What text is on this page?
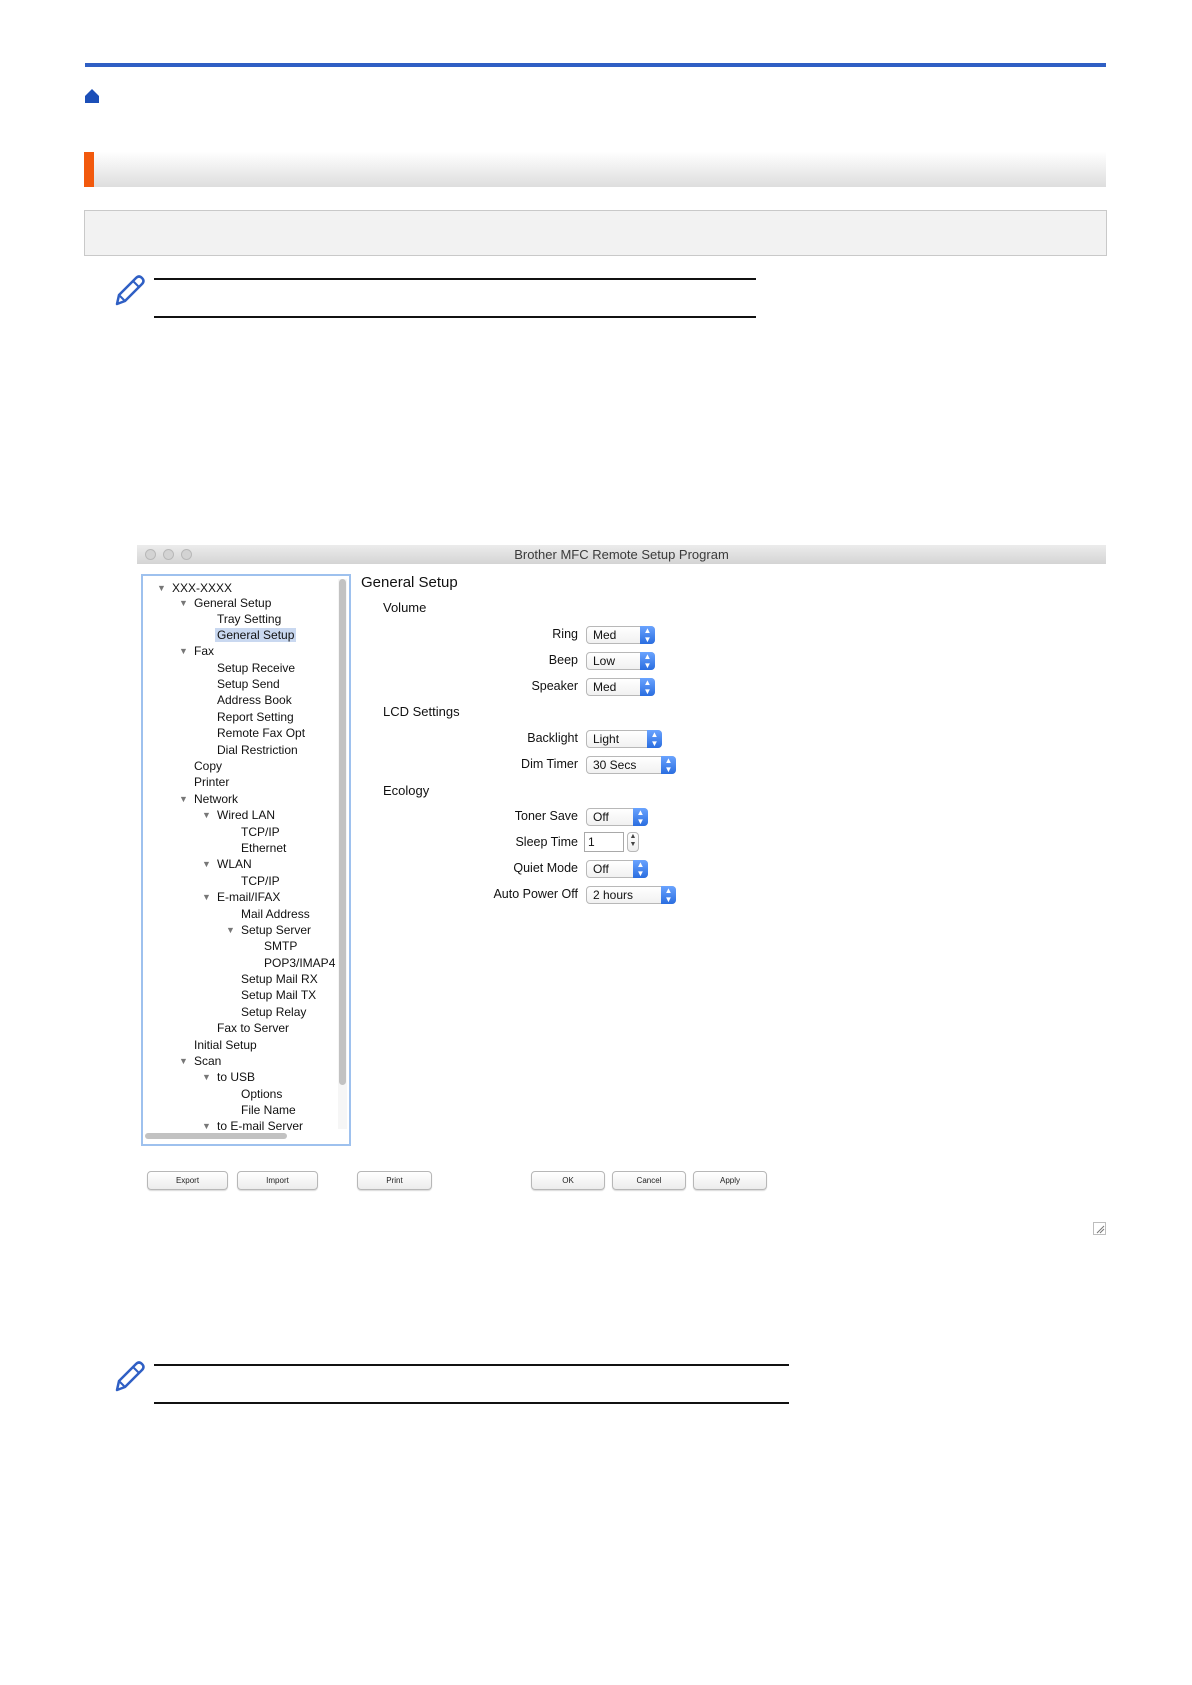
Brother MFC Remote Setup Program
▼ XXX-XXXX
▼ General Setup
Tray Setting
General Setup
▼ Fax
Setup Receive
Setup Send
Address Book
Report Setting
Remote Fax Opt
Dial Restriction
Copy
Printer
▼ Network
▼ Wired LAN
TCP/IP
Ethernet
▼ WLAN
TCP/IP
▼ E-mail/IFAX
Mail Address
▼ Setup Server
SMTP
POP3/IMAP4
Setup Mail RX
Setup Mail TX
Setup Relay
Fax to Server
Initial Setup
▼ Scan
▼ to USB
Options
File Name
▼ to E-mail Server
General Setup
Volume
Ring	Med	▲
▼
Beep	Low	▲
▼
Speaker	Med	▲
▼
LCD Settings
Backlight	Light	▲
▼
Dim Timer	30 Secs	▲
▼
Ecology
Toner Save	Off	▲
▼
Sleep Time 1	▲
▼
Quiet Mode	Off	▲
▼
Auto Power Off	2 hours	▲
▼
Export	Import	Print	OK	Cancel	Apply
